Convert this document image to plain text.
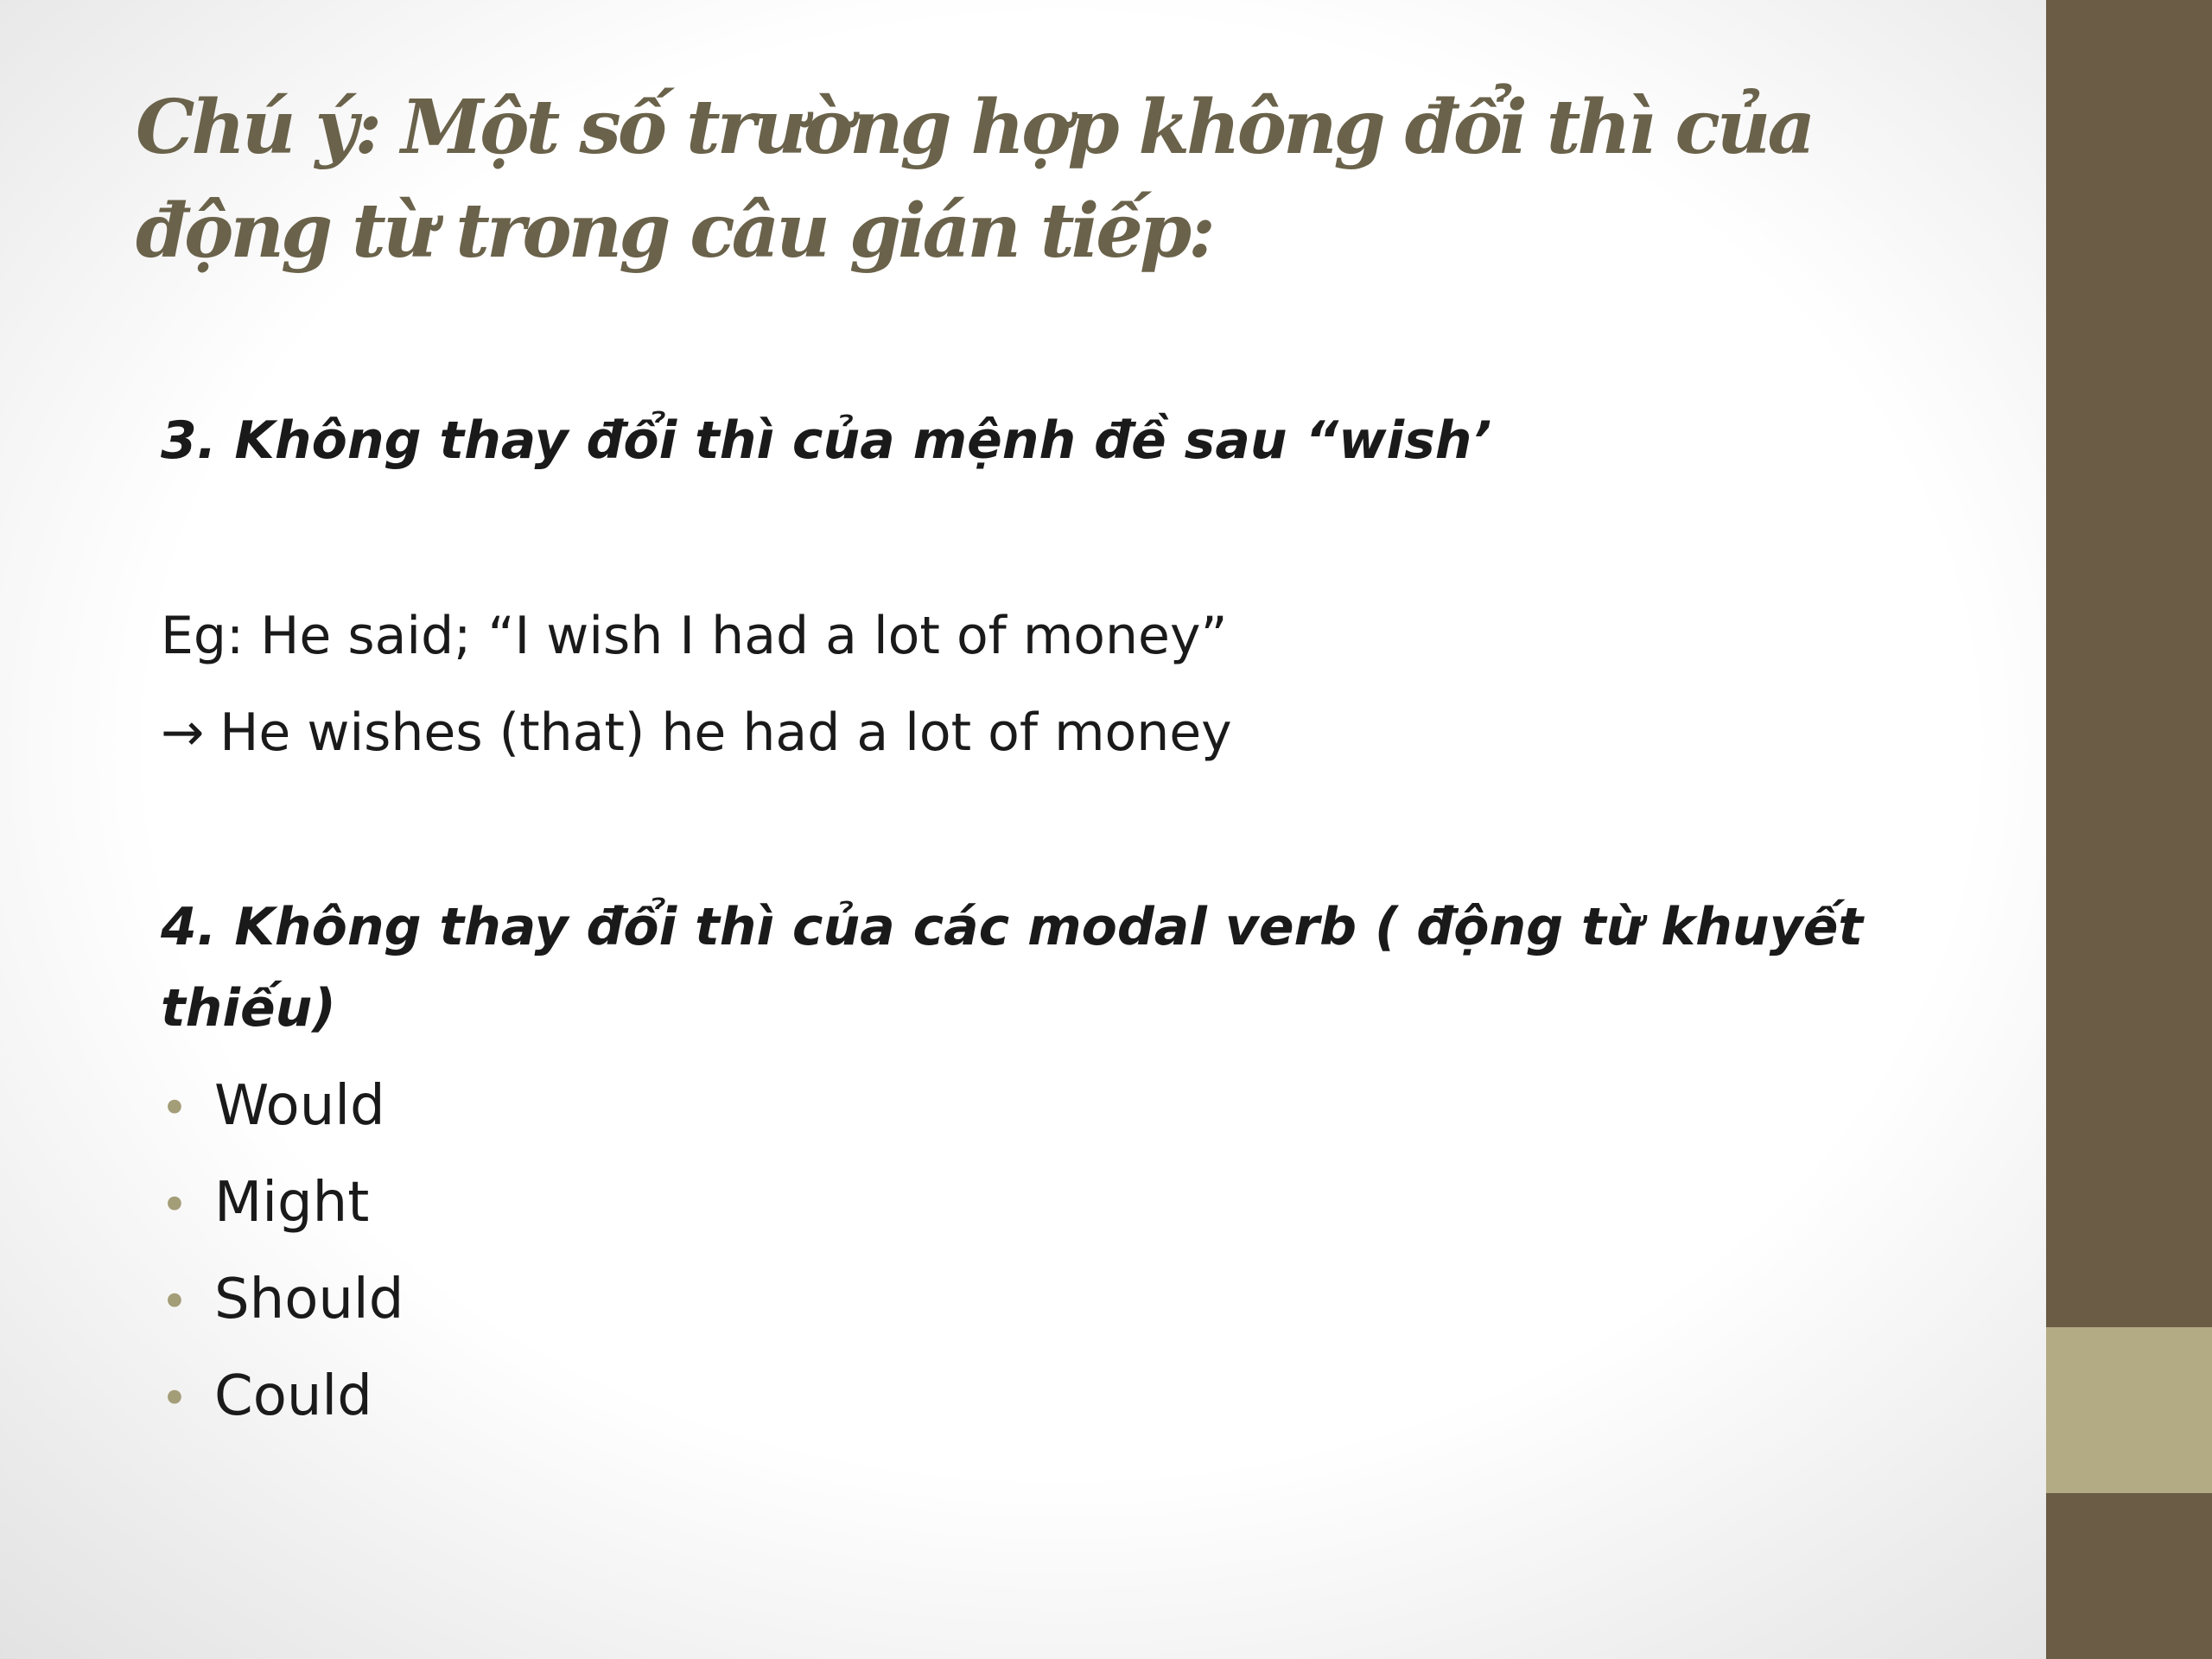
Chú ý: Một số trường hợp không đổi thì của động từ trong câu gián tiếp:
3. Không thay đổi thì của mệnh đề sau “wish’
Eg: He said; “I wish I had a lot of money”
→ He wishes (that) he had a lot of money
4. Không thay đổi thì của các modal verb ( động từ khuyết thiếu)
• Would
• Might
• Should
• Could
